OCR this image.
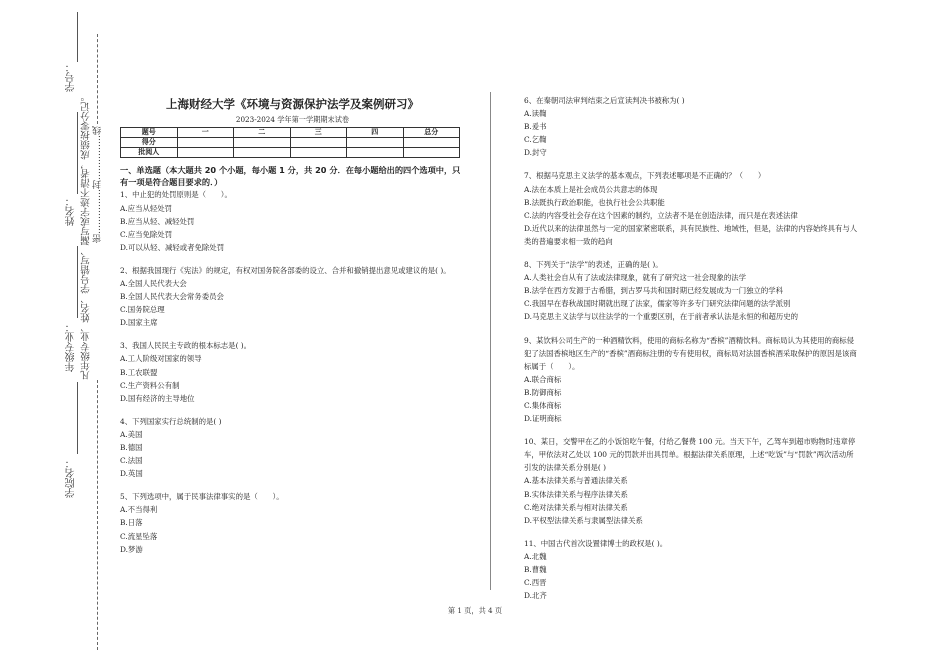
学号：
姓名：
年级专业：
学院名：
凡年级专业、姓名、学号错写、漏写或字迹不清者，成绩按零分记。 密……………封……………线
上海财经大学《环境与资源保护法学及案例研习》
2023-2024 学年第一学期期末试卷
题号	一	二	三	四	总分
得分					
批阅人					
一、单选题（本大题共 20 个小题，每小题 1 分，共 20 分．在每小题给出的四个选项中，只有一项是符合题目要求的．）
1、中止犯的处罚原则是（　　）。
A.应当从轻处罚
B.应当从轻、减轻处罚
C.应当免除处罚
D.可以从轻、减轻或者免除处罚
2、根据我国现行《宪法》的规定，有权对国务院各部委的设立、合并和撤销提出意见或建议的是( )。
A.全国人民代表大会
B.全国人民代表大会常务委员会
C.国务院总理
D.国家主席
3、我国人民民主专政的根本标志是( )。
A.工人阶级对国家的领导
B.工农联盟
C.生产资料公有制
D.国有经济的主导地位
4、下列国家实行总统制的是( )
A.美国
B.德国
C.法国
D.英国
5、下列选项中，属于民事法律事实的是（　　）。
A.不当得利
B.日落
C.流星坠落
D.梦游
6、在秦朝司法审判结束之后宣读判决书被称为( )
A.读鞫
B.爰书
C.乞鞫
D.封守
7、根据马克思主义法学的基本观点，下列表述哪项是不正确的？（　　）
A.法在本质上是社会成员公共意志的体现
B.法既执行政治职能，也执行社会公共职能
C.法的内容受社会存在这个因素的制约，立法者不是在创造法律，而只是在表述法律
D.近代以来的法律虽然与一定的国家紧密联系，具有民族性、地域性，但是，法律的内容始终具有与人类的普遍要求相一致的趋向
8、下列关于“法学”的表述，正确的是( )。
A.人类社会自从有了法或法律现象，就有了研究这一社会现象的法学
B.法学在西方发源于古希腊，到古罗马共和国时期已经发展成为一门独立的学科
C.我国早在春秋战国时期就出现了法家，儒家等许多专门研究法律问题的法学派别
D.马克思主义法学与以往法学的一个重要区别，在于前者承认法是永恒的和超历史的
9、某饮料公司生产的一种酒精饮料，使用的商标名称为“香槟”酒精饮料。商标局认为其使用的商标侵犯了法国香槟地区生产的“香槟”酒商标注册的专有使用权，商标局对法国香槟酒采取保护的原因是该商标属于（　　）。
A.联合商标
B.防御商标
C.集体商标
D.证明商标
10、某日，交警甲在乙的小饭馆吃午餐，付给乙餐费 100 元。当天下午，乙驾车到超市购物时违章停车，甲依法对乙处以 100 元的罚款并出具罚单。根据法律关系原理，上述“吃饭”与“罚款”两次活动所引发的法律关系分别是( )
A.基本法律关系与普通法律关系
B.实体法律关系与程序法律关系
C.绝对法律关系与相对法律关系
D.平权型法律关系与隶属型法律关系
11、中国古代首次设置律博士的政权是( )。
A.北魏
B.曹魏
C.西晋
D.北齐
第 1 页，共 4 页
